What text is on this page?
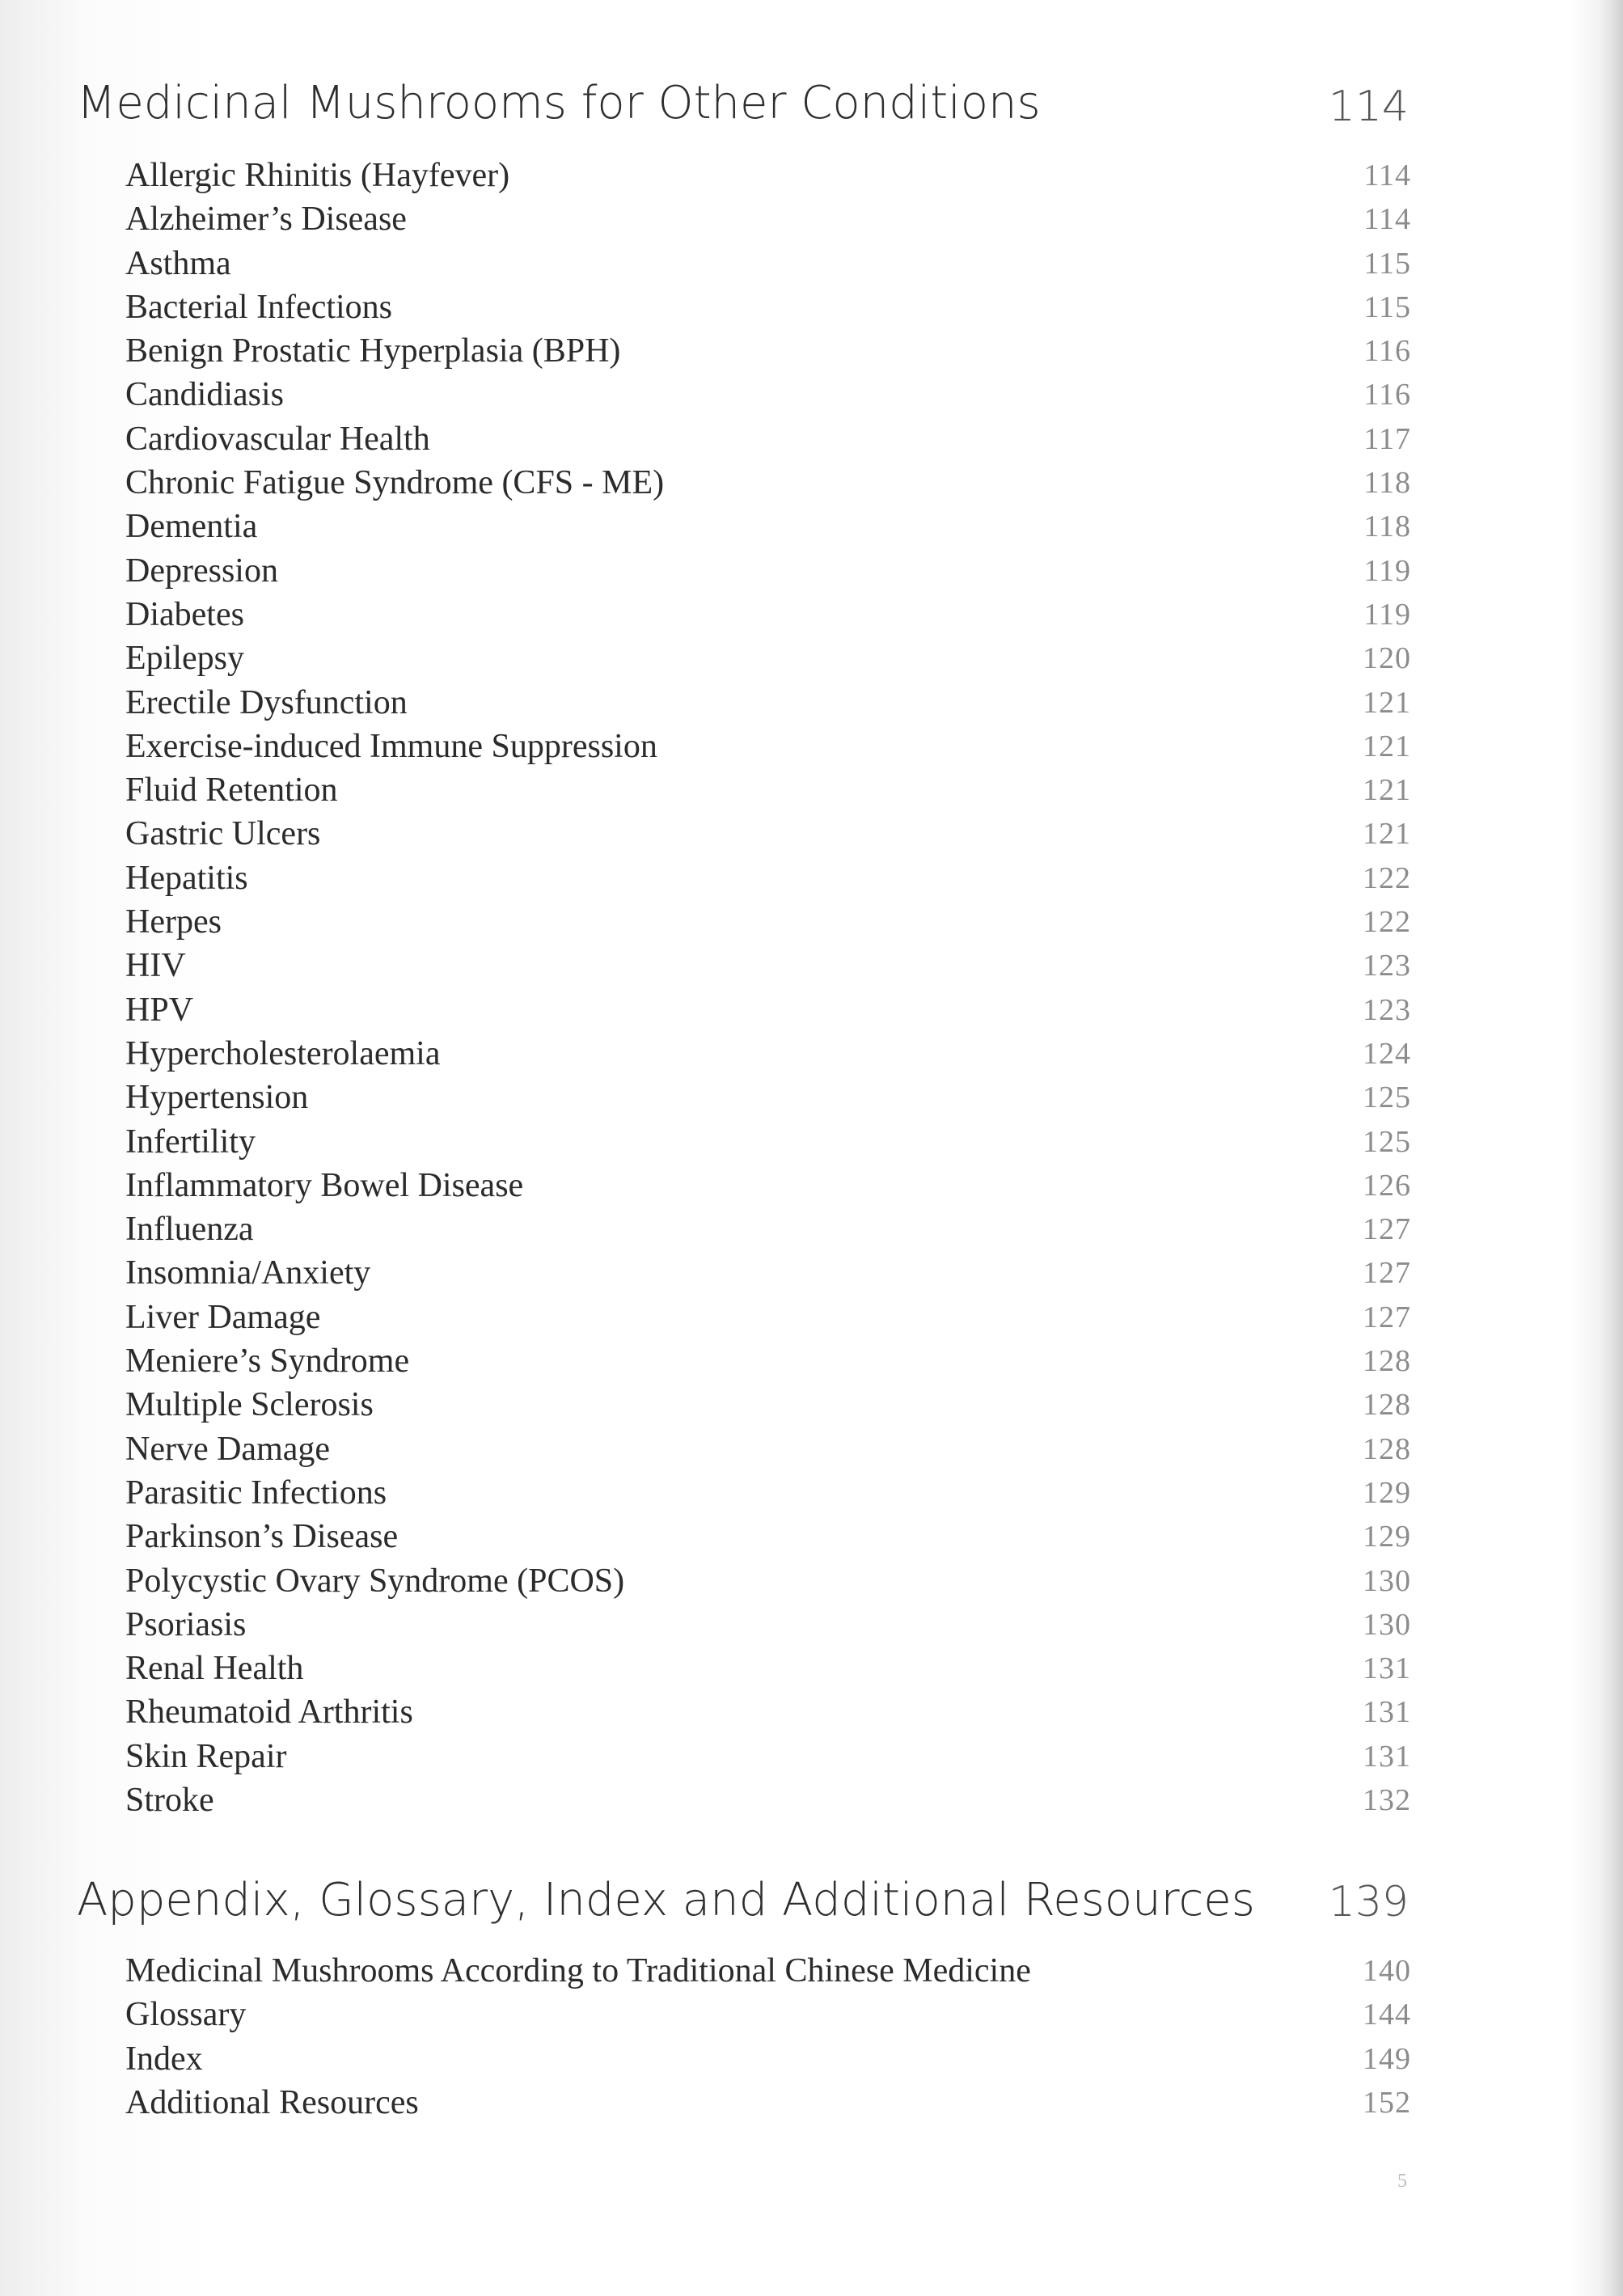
Medicinal Mushrooms for Other Conditions	114
Allergic Rhinitis (Hayfever)	114
Alzheimer’s Disease	114
Asthma	115
Bacterial Infections	115
Benign Prostatic Hyperplasia (BPH)	116
Candidiasis	116
Cardiovascular Health	117
Chronic Fatigue Syndrome (CFS - ME)	118
Dementia	118
Depression	119
Diabetes	119
Epilepsy	120
Erectile Dysfunction	121
Exercise-induced Immune Suppression	121
Fluid Retention	121
Gastric Ulcers	121
Hepatitis	122
Herpes	122
HIV	123
HPV	123
Hypercholesterolaemia	124
Hypertension	125
Infertility	125
Inflammatory Bowel Disease	126
Influenza	127
Insomnia/Anxiety	127
Liver Damage	127
Meniere’s Syndrome	128
Multiple Sclerosis	128
Nerve Damage	128
Parasitic Infections	129
Parkinson’s Disease	129
Polycystic Ovary Syndrome (PCOS)	130
Psoriasis	130
Renal Health	131
Rheumatoid Arthritis	131
Skin Repair	131
Stroke	132
Appendix, Glossary, Index and Additional Resources 139
Medicinal Mushrooms According to Traditional Chinese Medicine	140
Glossary	144
Index	149
Additional Resources	152
5
